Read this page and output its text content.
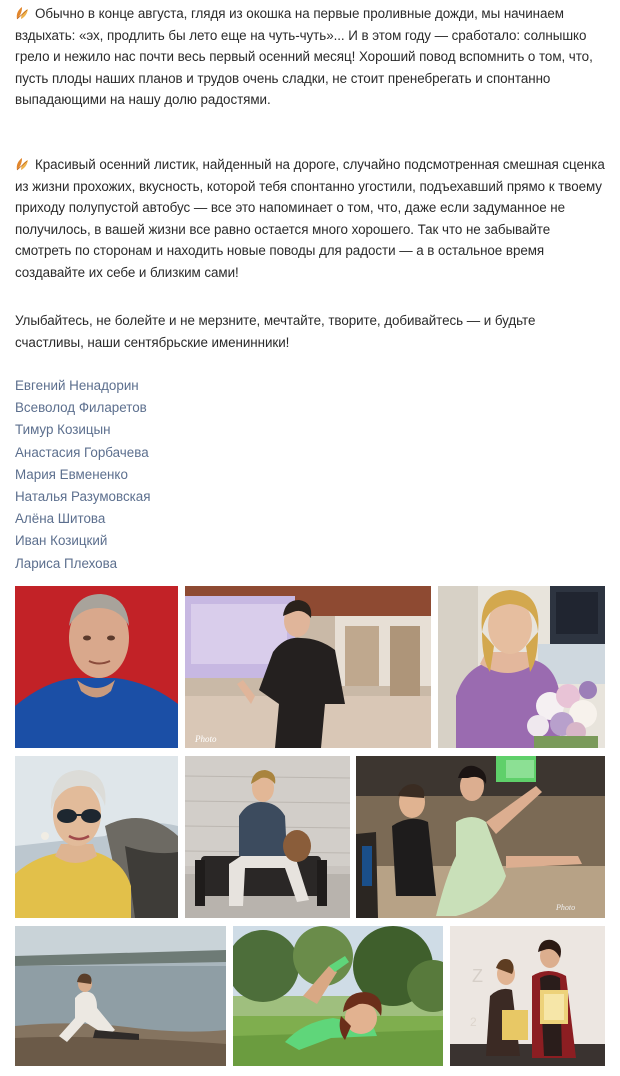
Обычно в конце августа, глядя из окошка на первые проливные дожди, мы начинаем вздыхать: «эх, продлить бы лето еще на чуть-чуть»... И в этом году — сработало: солнышко грело и нежило нас почти весь первый осенний месяц! Хороший повод вспомнить о том, что, пусть плоды наших планов и трудов очень сладки, не стоит пренебрегать и спонтанно выпадающими на нашу долю радостями.

Красивый осенний листик, найденный на дороге, случайно подсмотренная смешная сценка из жизни прохожих, вкусность, которой тебя спонтанно угостили, подъехавший прямо к твоему приходу полупустой автобус — все это напоминает о том, что, даже если задуманное не получилось, в вашей жизни все равно остается много хорошего. Так что не забывайте смотреть по сторонам и находить новые поводы для радости — а в остальное время создавайте их себе и близким сами!

Улыбайтесь, не болейте и не мерзните, мечтайте, творите, добивайтесь — и будьте счастливы, наши сентябрьские именинники!

Евгений Ненадорин
Всеволод Филаретов
Тимур Козицын
Анастасия Горбачева
Мария Евмененко
Наталья Разумовская
Алёна Шитова
Иван Козицкий
Лариса Плехова
Photo
Photo
Z
2
